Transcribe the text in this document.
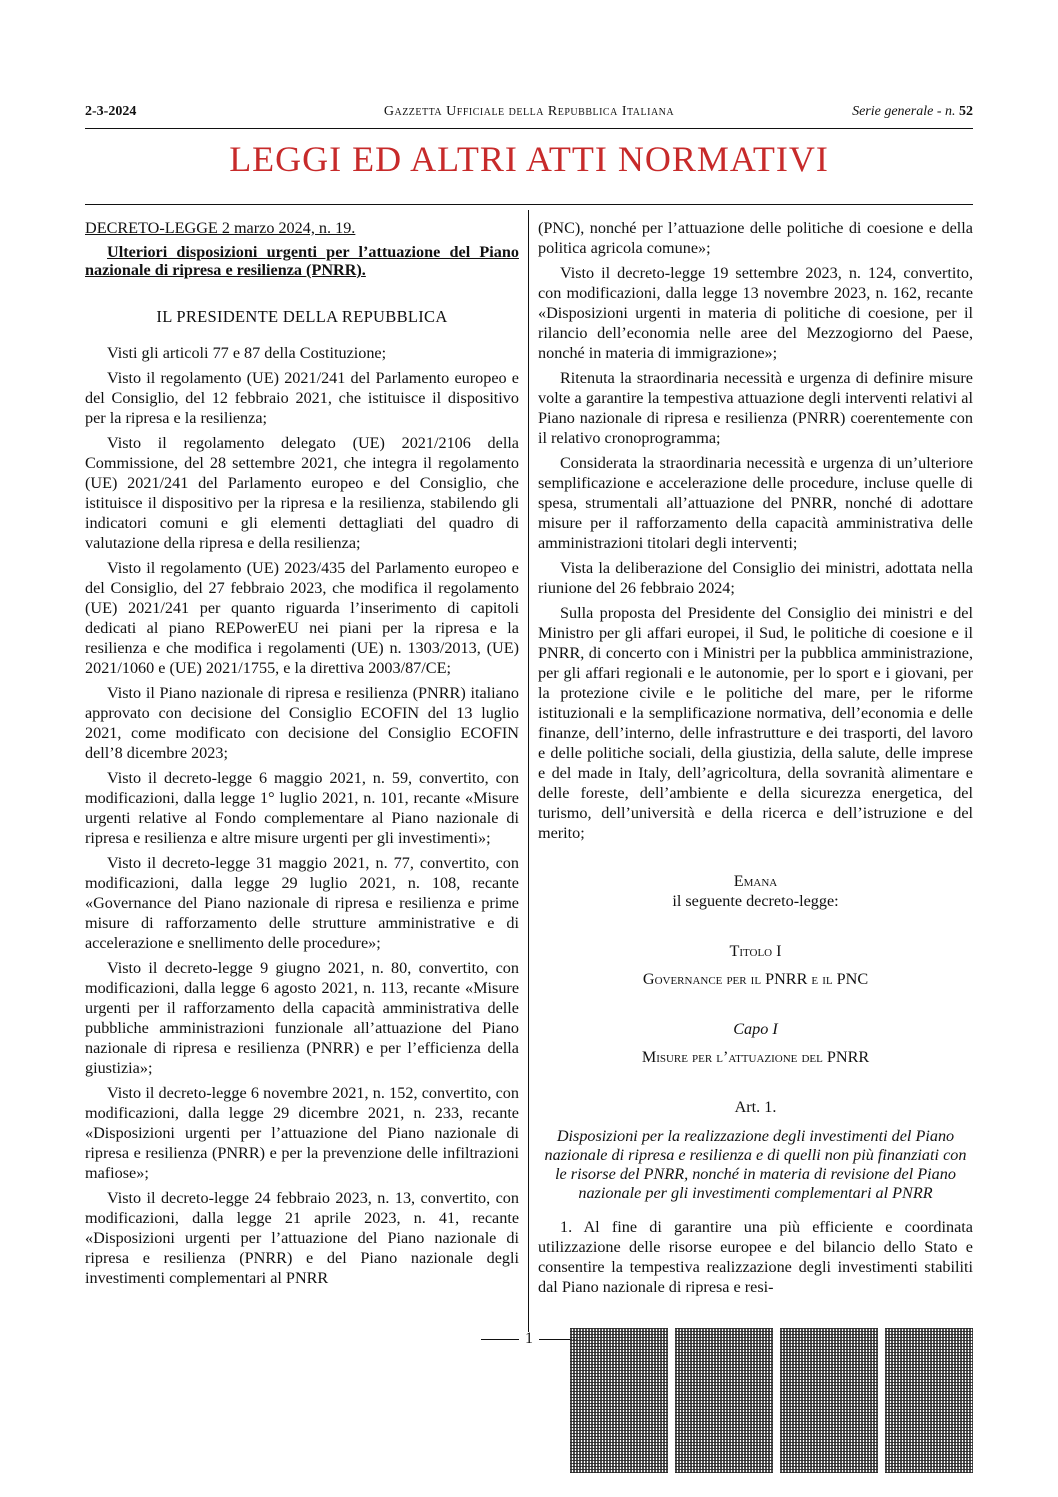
2-3-2024	Gazzetta Ufficiale della Repubblica Italiana	Serie generale - n. 52
LEGGI ED ALTRI ATTI NORMATIVI

DECRETO-LEGGE 2 marzo 2024, n. 19.

Ulteriori disposizioni urgenti per l’attuazione del Piano nazionale di ripresa e resilienza (PNRR).

IL PRESIDENTE DELLA REPUBBLICA

Visti gli articoli 77 e 87 della Costituzione;

Visto il regolamento (UE) 2021/241 del Parlamento europeo e del Consiglio, del 12 febbraio 2021, che istituisce il dispositivo per la ripresa e la resilienza;

Visto il regolamento delegato (UE) 2021/2106 della Commissione, del 28 settembre 2021, che integra il regolamento (UE) 2021/241 del Parlamento europeo e del Consiglio, che istituisce il dispositivo per la ripresa e la resilienza, stabilendo gli indicatori comuni e gli elementi dettagliati del quadro di valutazione della ripresa e della resilienza;

Visto il regolamento (UE) 2023/435 del Parlamento europeo e del Consiglio, del 27 febbraio 2023, che modifica il regolamento (UE) 2021/241 per quanto riguarda l’inserimento di capitoli dedicati al piano REPowerEU nei piani per la ripresa e la resilienza e che modifica i regolamenti (UE) n. 1303/2013, (UE) 2021/1060 e (UE) 2021/1755, e la direttiva 2003/87/CE;

Visto il Piano nazionale di ripresa e resilienza (PNRR) italiano approvato con decisione del Consiglio ECOFIN del 13 luglio 2021, come modificato con decisione del Consiglio ECOFIN dell’8 dicembre 2023;

Visto il decreto-legge 6 maggio 2021, n. 59, convertito, con modificazioni, dalla legge 1° luglio 2021, n. 101, recante «Misure urgenti relative al Fondo complementare al Piano nazionale di ripresa e resilienza e altre misure urgenti per gli investimenti»;

Visto il decreto-legge 31 maggio 2021, n. 77, convertito, con modificazioni, dalla legge 29 luglio 2021, n. 108, recante «Governance del Piano nazionale di ripresa e resilienza e prime misure di rafforzamento delle strutture amministrative e di accelerazione e snellimento delle procedure»;

Visto il decreto-legge 9 giugno 2021, n. 80, convertito, con modificazioni, dalla legge 6 agosto 2021, n. 113, recante «Misure urgenti per il rafforzamento della capacità amministrativa delle pubbliche amministrazioni funzionale all’attuazione del Piano nazionale di ripresa e resilienza (PNRR) e per l’efficienza della giustizia»;

Visto il decreto-legge 6 novembre 2021, n. 152, convertito, con modificazioni, dalla legge 29 dicembre 2021, n. 233, recante «Disposizioni urgenti per l’attuazione del Piano nazionale di ripresa e resilienza (PNRR) e per la prevenzione delle infiltrazioni mafiose»;

Visto il decreto-legge 24 febbraio 2023, n. 13, convertito, con modificazioni, dalla legge 21 aprile 2023, n. 41, recante «Disposizioni urgenti per l’attuazione del Piano nazionale di ripresa e resilienza (PNRR) e del Piano nazionale degli investimenti complementari al PNRR

(PNC), nonché per l’attuazione delle politiche di coesione e della politica agricola comune»;

Visto il decreto-legge 19 settembre 2023, n. 124, convertito, con modificazioni, dalla legge 13 novembre 2023, n. 162, recante «Disposizioni urgenti in materia di politiche di coesione, per il rilancio dell’economia nelle aree del Mezzogiorno del Paese, nonché in materia di immigrazione»;

Ritenuta la straordinaria necessità e urgenza di definire misure volte a garantire la tempestiva attuazione degli interventi relativi al Piano nazionale di ripresa e resilienza (PNRR) coerentemente con il relativo cronoprogramma;

Considerata la straordinaria necessità e urgenza di un’ulteriore semplificazione e accelerazione delle procedure, incluse quelle di spesa, strumentali all’attuazione del PNRR, nonché di adottare misure per il rafforzamento della capacità amministrativa delle amministrazioni titolari degli interventi;

Vista la deliberazione del Consiglio dei ministri, adottata nella riunione del 26 febbraio 2024;

Sulla proposta del Presidente del Consiglio dei ministri e del Ministro per gli affari europei, il Sud, le politiche di coesione e il PNRR, di concerto con i Ministri per la pubblica amministrazione, per gli affari regionali e le autonomie, per lo sport e i giovani, per la protezione civile e le politiche del mare, per le riforme istituzionali e la semplificazione normativa, dell’economia e delle finanze, dell’interno, delle infrastrutture e dei trasporti, del lavoro e delle politiche sociali, della giustizia, della salute, delle imprese e del made in Italy, dell’agricoltura, della sovranità alimentare e delle foreste, dell’ambiente e della sicurezza energetica, del turismo, dell’università e della ricerca e dell’istruzione e del merito;

Emana

il seguente decreto-legge:

Titolo I

Governance per il PNRR e il PNC

Capo I

Misure per l’attuazione del PNRR

Art. 1.

Disposizioni per la realizzazione degli investimenti del Piano nazionale di ripresa e resilienza e di quelli non più finanziati con le risorse del PNRR, nonché in materia di revisione del Piano nazionale per gli investimenti complementari al PNRR

1. Al fine di garantire una più efficiente e coordinata utilizzazione delle risorse europee e del bilancio dello Stato e consentire la tempestiva realizzazione degli investimenti stabiliti dal Piano nazionale di ripresa e resi-

1
